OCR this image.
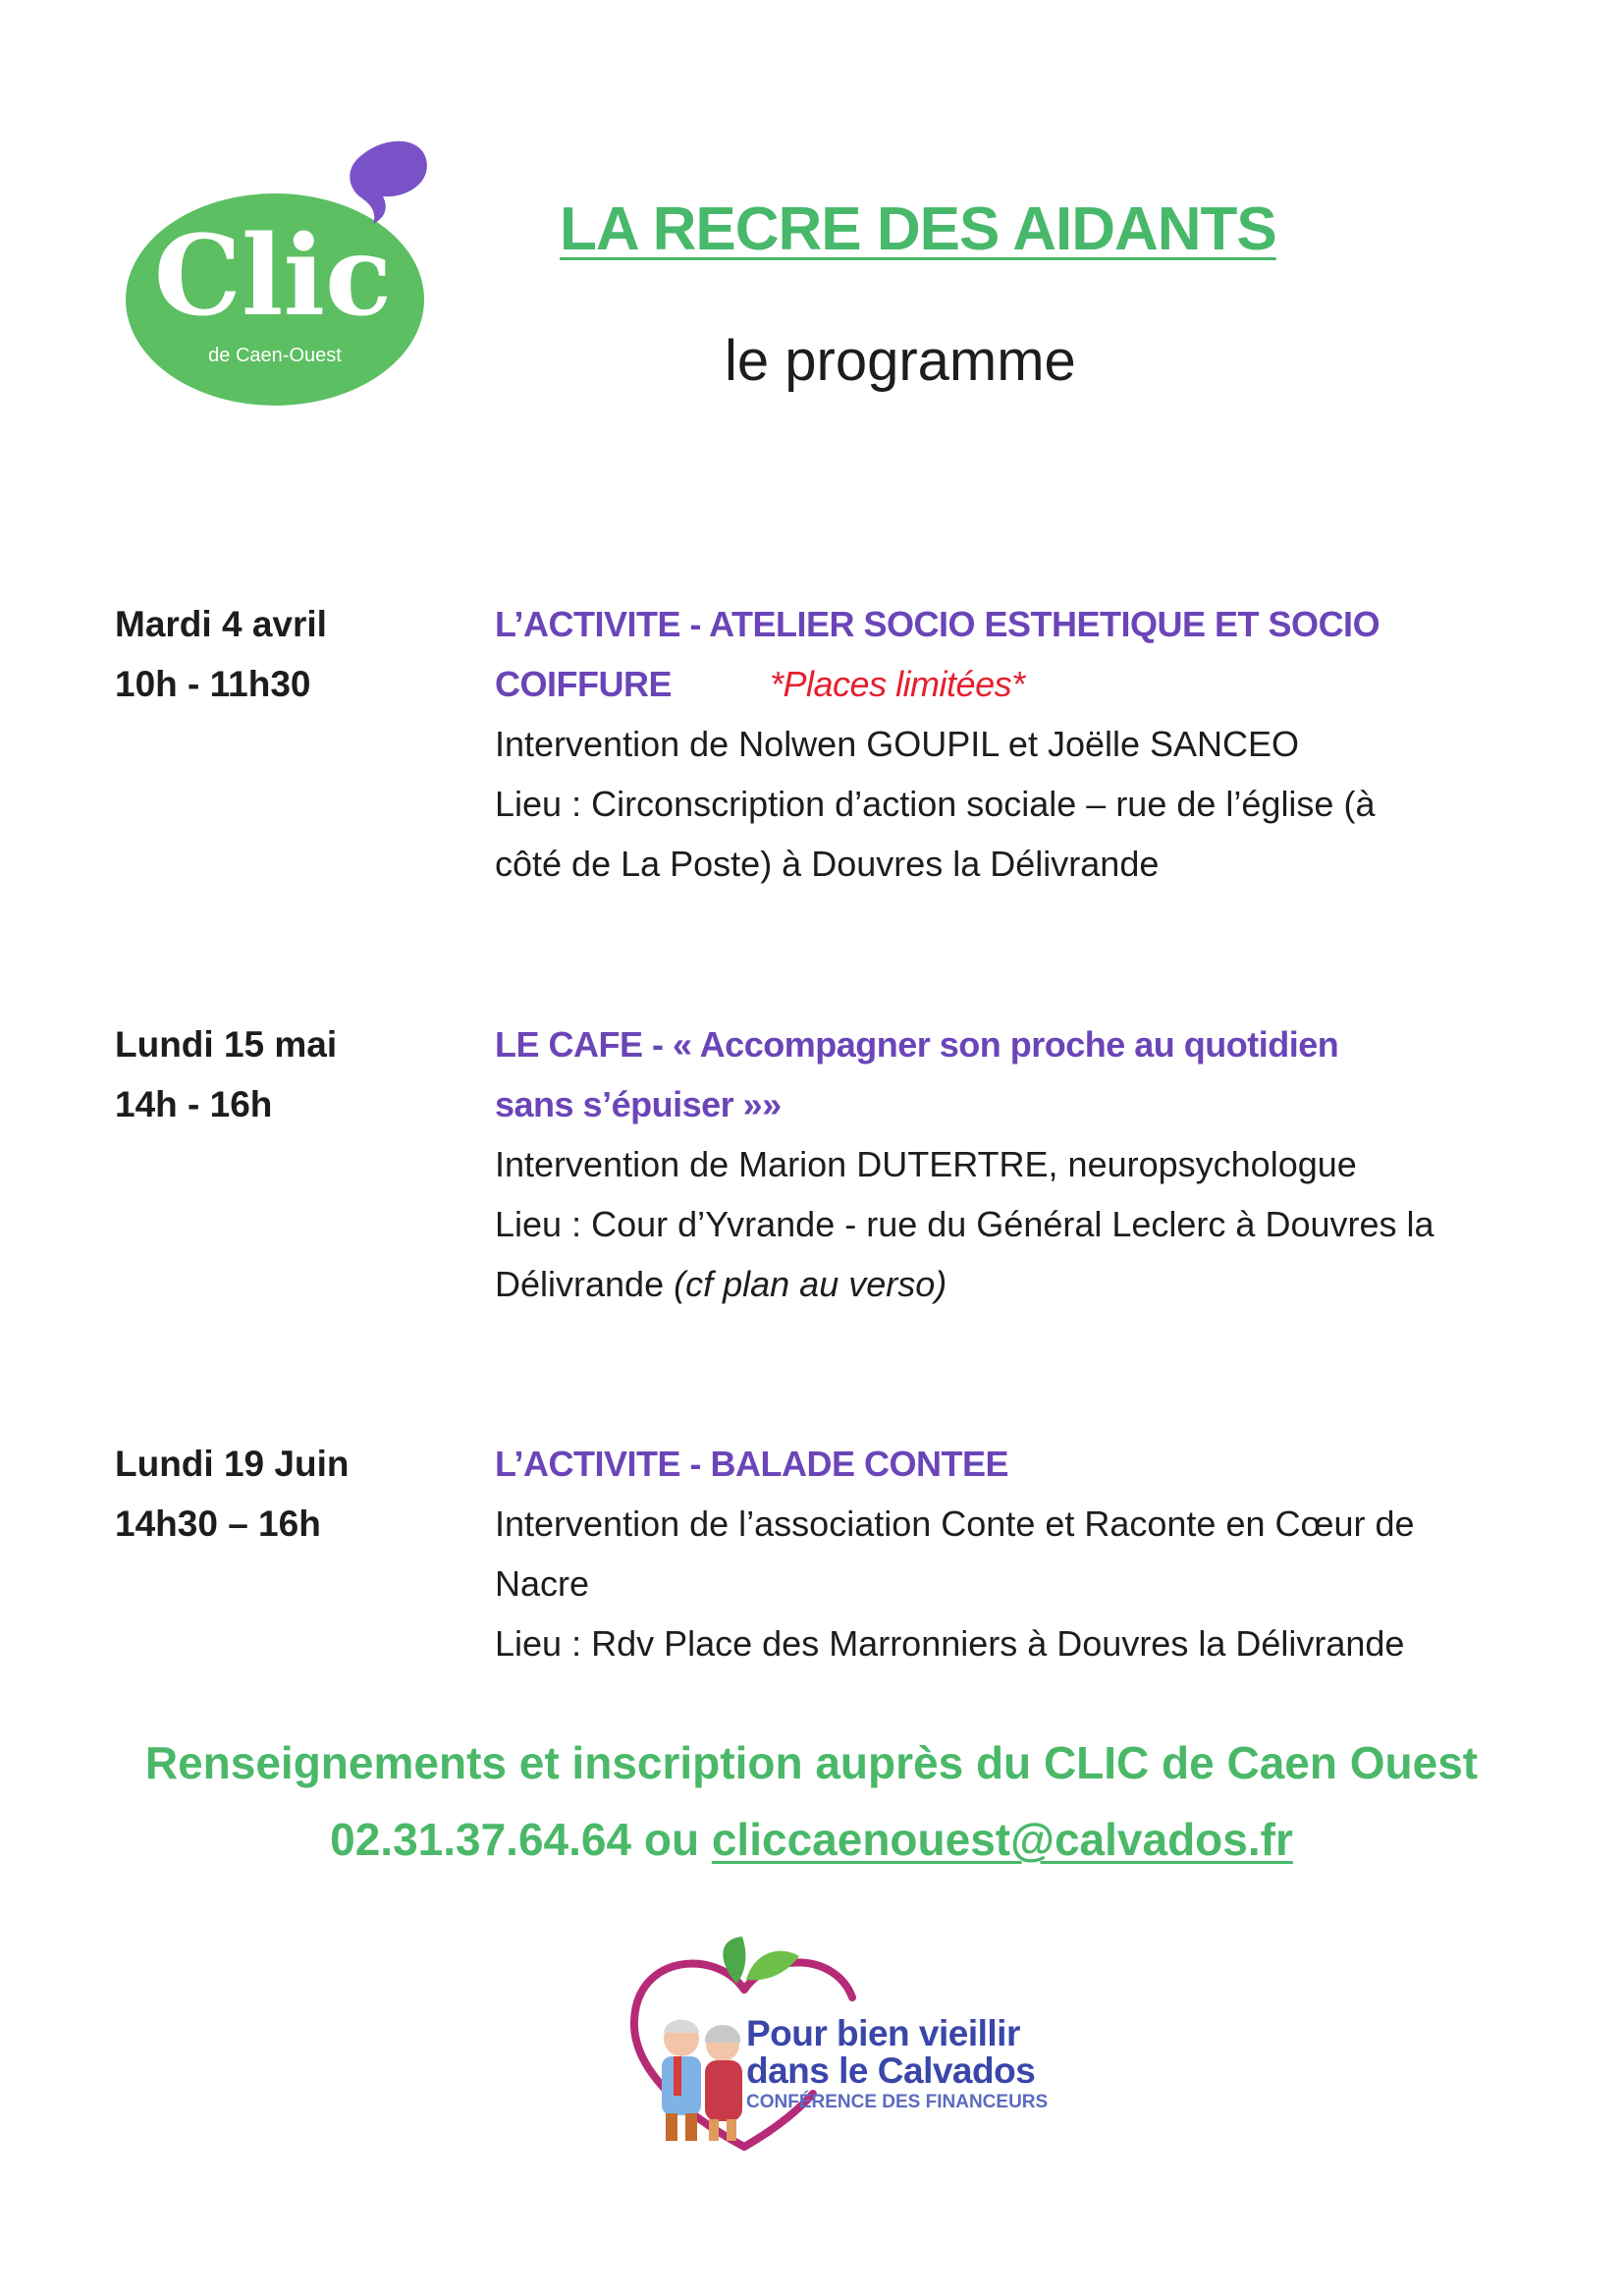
Clic
de Caen-Ouest
LA RECRE DES AIDANTS
le programme
Mardi 4 avril
10h - 11h30
L’ACTIVITE - ATELIER SOCIO ESTHETIQUE ET SOCIO
COIFFURE	*Places limitées*
Intervention de Nolwen GOUPIL et Joëlle SANCEO
Lieu : Circonscription d’action sociale – rue de l’église (à
côté de La Poste) à Douvres la Délivrande
Lundi 15 mai
14h - 16h
LE CAFE - « Accompagner son proche au quotidien
sans s’épuiser »»
Intervention de Marion DUTERTRE, neuropsychologue
Lieu : Cour d’Yvrande - rue du Général Leclerc à Douvres la
Délivrande (cf plan au verso)
Lundi 19 Juin
14h30 – 16h
L’ACTIVITE - BALADE CONTEE
Intervention de l’association Conte et Raconte en Cœur de
Nacre
Lieu : Rdv Place des Marronniers à Douvres la Délivrande
Renseignements et inscription auprès du CLIC de Caen Ouest
02.31.37.64.64 ou cliccaenouest@calvados.fr
Pour bien vieillir
dans le Calvados
CONFÉRENCE DES FINANCEURS
